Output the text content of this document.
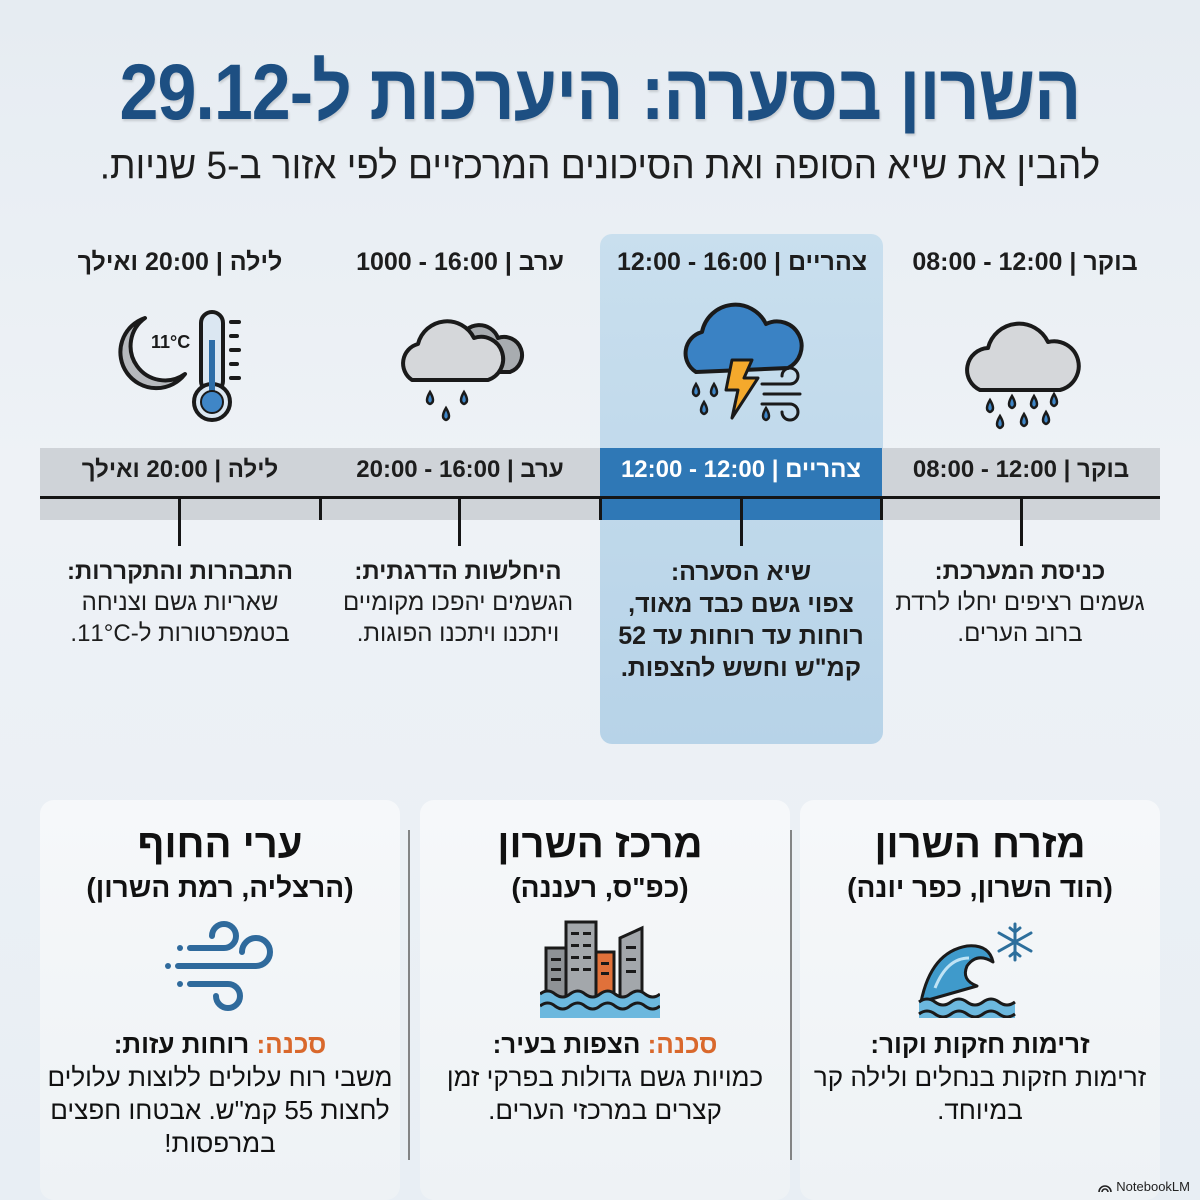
השרון בסערה: היערכות ל-29.12
להבין את שיא הסופה ואת הסיכונים המרכזיים לפי אזור ב-5 שניות.
בוקר | 12:00 - 08:00
צהריים | 16:00 - 12:00
ערב | 16:00 - 1000
לילה | 20:00 ואילך
11°C
בוקר | 12:00 - 08:00
צהריים | 12:00 - 12:00
ערב | 16:00 - 20:00
לילה | 20:00 ואילך
כניסת המערכת:
גשמים רציפים יחלו לרדת ברוב הערים.
שיא הסערה:
צפוי גשם כבד מאוד, רוחות עד רוחות עד 52 קמ"ש וחשש להצפות.
היחלשות הדרגתית:
הגשמים יהפכו מקומיים ויתכנו ויתכנו הפוגות.
התבהרות והתקררות:
שאריות גשם וצניחה בטמפרטורות ל-11°C.
מזרח השרון
(הוד השרון, כפר יונה)
זרימות חזקות וקור:
זרימות חזקות בנחלים ולילה קר במיוחד.
מרכז השרון
(כפ"ס, רעננה)
סכנה: הצפות בעיר:
כמויות גשם גדולות בפרקי זמן קצרים במרכזי הערים.
ערי החוף
(הרצליה, רמת השרון)
סכנה: רוחות עזות:
משבי רוח עלולים ללוצות עלולים לחצות 55 קמ"ש. אבטחו חפצים במרפסות!
NotebookLM
